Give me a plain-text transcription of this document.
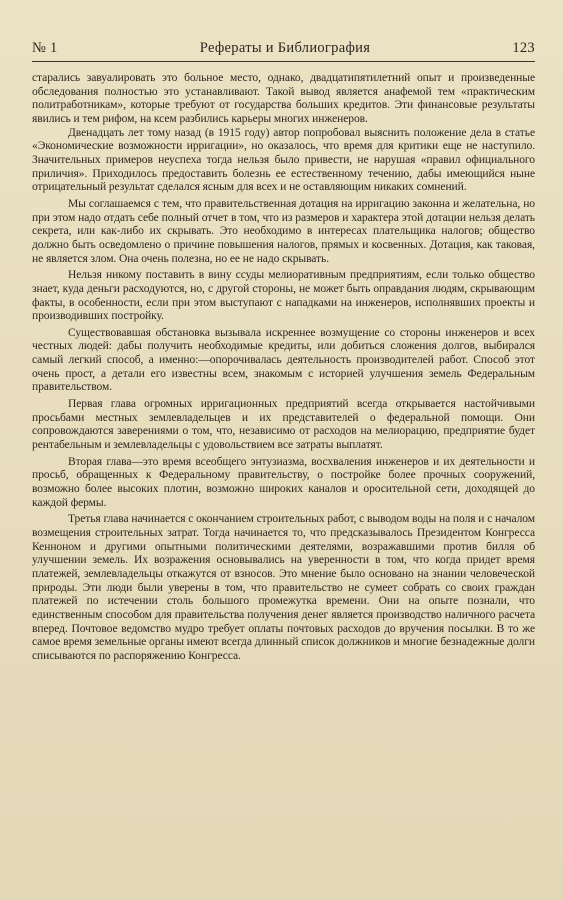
№ 1	Рефераты и Библиография	123

старались завуалировать это больное место, однако, двадцатипятилетний опыт и произведенные обследования полностью это устанавливают. Такой вывод является анафемой тем «практическим политработникам», которые требуют от государства больших кредитов. Эти финансовые результаты явились и тем рифом, на ксем разбились карьеры многих инженеров.

Двенадцать лет тому назад (в 1915 году) автор попробовал выяснить положение дела в статье «Экономические возможности ирригации», но оказалось, что время для критики еще не наступило. Значительных примеров неуспеха тогда нельзя было привести, не нарушая «правил официального приличия». Приходилось предоставить болезнь ее естественному течению, дабы имеющийся ныне отрицательный результат сделался ясным для всех и не оставляющим никаких сомнений.

Мы соглашаемся с тем, что правительственная дотация на ирригацию законна и желательна, но при этом надо отдать себе полный отчет в том, что из размеров и характера этой дотации нельзя делать секрета, или как-либо их скрывать. Это необходимо в интересах плательщика налогов; общество должно быть осведомлено о причине повышения налогов, прямых и косвенных. Дотация, как таковая, не является злом. Она очень полезна, но ее не надо скрывать.

Нельзя никому поставить в вину ссуды мелиоративным предприятиям, если только общество знает, куда деньги расходуются, но, с другой стороны, не может быть оправдания людям, скрывающим факты, в особенности, если при этом выступают с нападками на инженеров, исполнявших проекты и производивших постройку.

Существовавшая обстановка вызывала искреннее возмущение со стороны инженеров и всех честных людей: дабы получить необходимые кредиты, или добиться сложения долгов, выбирался самый легкий способ, а именно:—опорочивалась деятельность производителей работ. Способ этот очень прост, а детали его известны всем, знакомым с историей улучшения земель Федеральным правительством.

Первая глава огромных ирригационных предприятий всегда открывается настойчивыми просьбами местных землевладельцев и их представителей о федеральной помощи. Они сопровождаются заверениями о том, что, независимо от расходов на мелиорацию, предприятие будет рентабельным и землевладельцы с удовольствием все затраты выплатят.

Вторая глава—это время всеобщего энтузиазма, восхваления инженеров и их деятельности и просьб, обращенных к Федеральному правительству, о постройке более прочных сооружений, возможно более высоких плотин, возможно широких каналов и оросительной сети, доходящей до каждой фермы.

Третья глава начинается с окончанием строительных работ, с выводом воды на поля и с началом возмещения строительных затрат. Тогда начинается то, что предсказывалось Президентом Конгресса Кенноном и другими опытными политическими деятелями, возражавшими против билля об улучшении земель. Их возражения основывались на уверенности в том, что когда придет время платежей, землевладельцы откажутся от взносов. Это мнение было основано на знании человеческой природы. Эти люди были уверены в том, что правительство не сумеет собрать со своих граждан платежей по истечении столь большого промежутка времени. Они на опыте познали, что единственным способом для правительства получения денег является производство наличного расчета вперед. Почтовое ведомство мудро требует оплаты почтовых расходов до вручения посылки. В то же самое время земельные органы имеют всегда длинный список должников и многие безнадежные долги списываются по распоряжению Конгресса.
